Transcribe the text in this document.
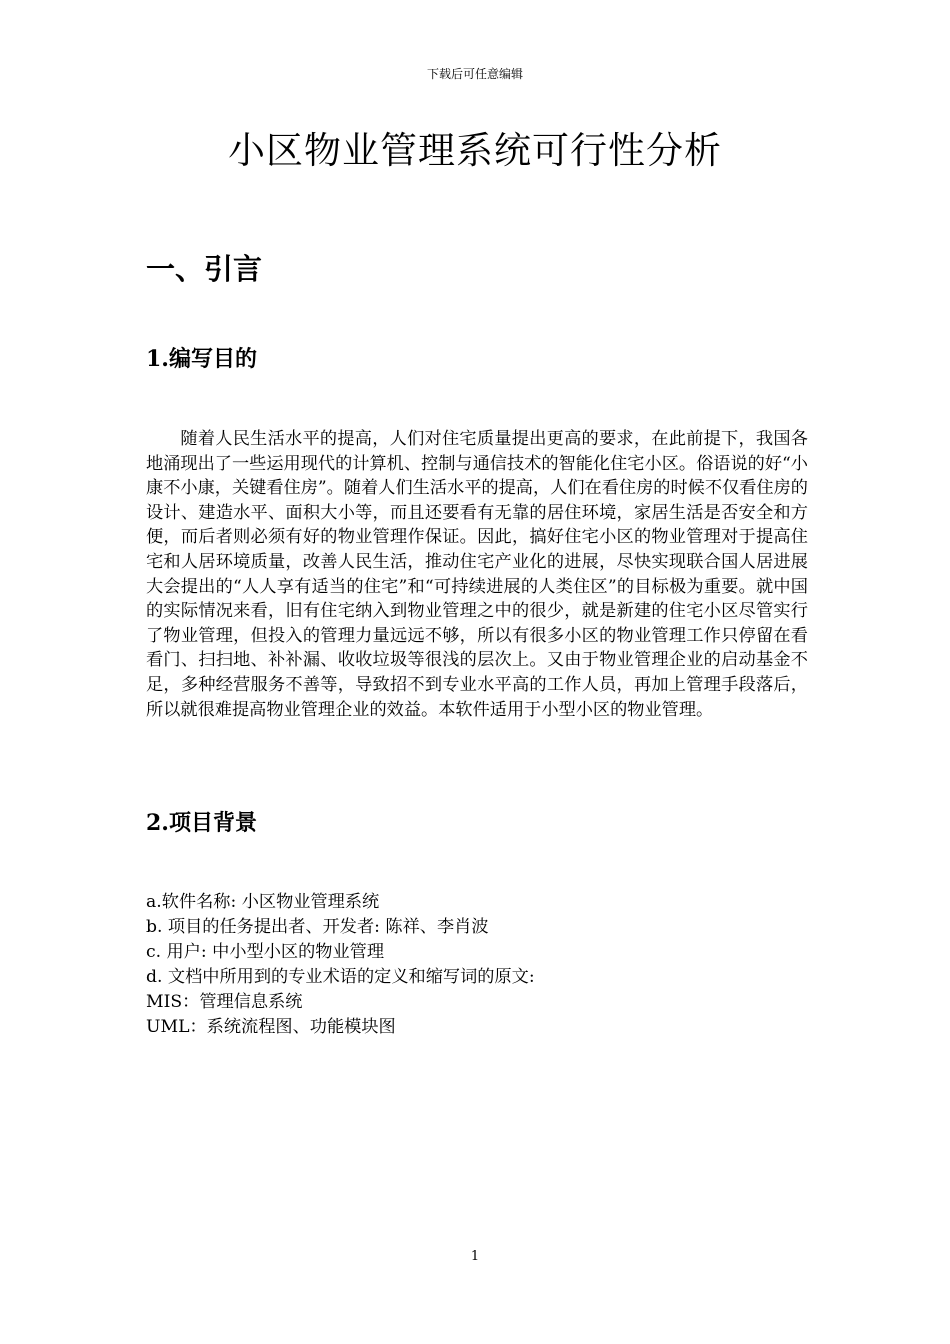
下载后可任意编辑
小区物业管理系统可行性分析
一、引言
1.编写目的

随着人民生活水平的提高，人们对住宅质量提出更高的要求，在此前提下，我国各地涌现出了一些运用现代的计算机、控制与通信技术的智能化住宅小区。俗语说的好“小康不小康，关键看住房”。随着人们生活水平的提高，人们在看住房的时候不仅看住房的设计、建造水平、面积大小等，而且还要看有无靠的居住环境，家居生活是否安全和方便，而后者则必须有好的物业管理作保证。因此，搞好住宅小区的物业管理对于提高住宅和人居环境质量，改善人民生活，推动住宅产业化的进展，尽快实现联合国人居进展大会提出的“人人享有适当的住宅”和“可持续进展的人类住区”的目标极为重要。就中国的实际情况来看，旧有住宅纳入到物业管理之中的很少，就是新建的住宅小区尽管实行了物业管理，但投入的管理力量远远不够，所以有很多小区的物业管理工作只停留在看看门、扫扫地、补补漏、收收垃圾等很浅的层次上。又由于物业管理企业的启动基金不足，多种经营服务不善等，导致招不到专业水平高的工作人员，再加上管理手段落后，所以就很难提高物业管理企业的效益。本软件适用于小型小区的物业管理。

2.项目背景
a.软件名称: 小区物业管理系统
b. 项目的任务提出者、开发者: 陈祥、李肖波
c. 用户: 中小型小区的物业管理
d. 文档中所用到的专业术语的定义和缩写词的原文:
MIS：管理信息系统
UML：系统流程图、功能模块图
1
